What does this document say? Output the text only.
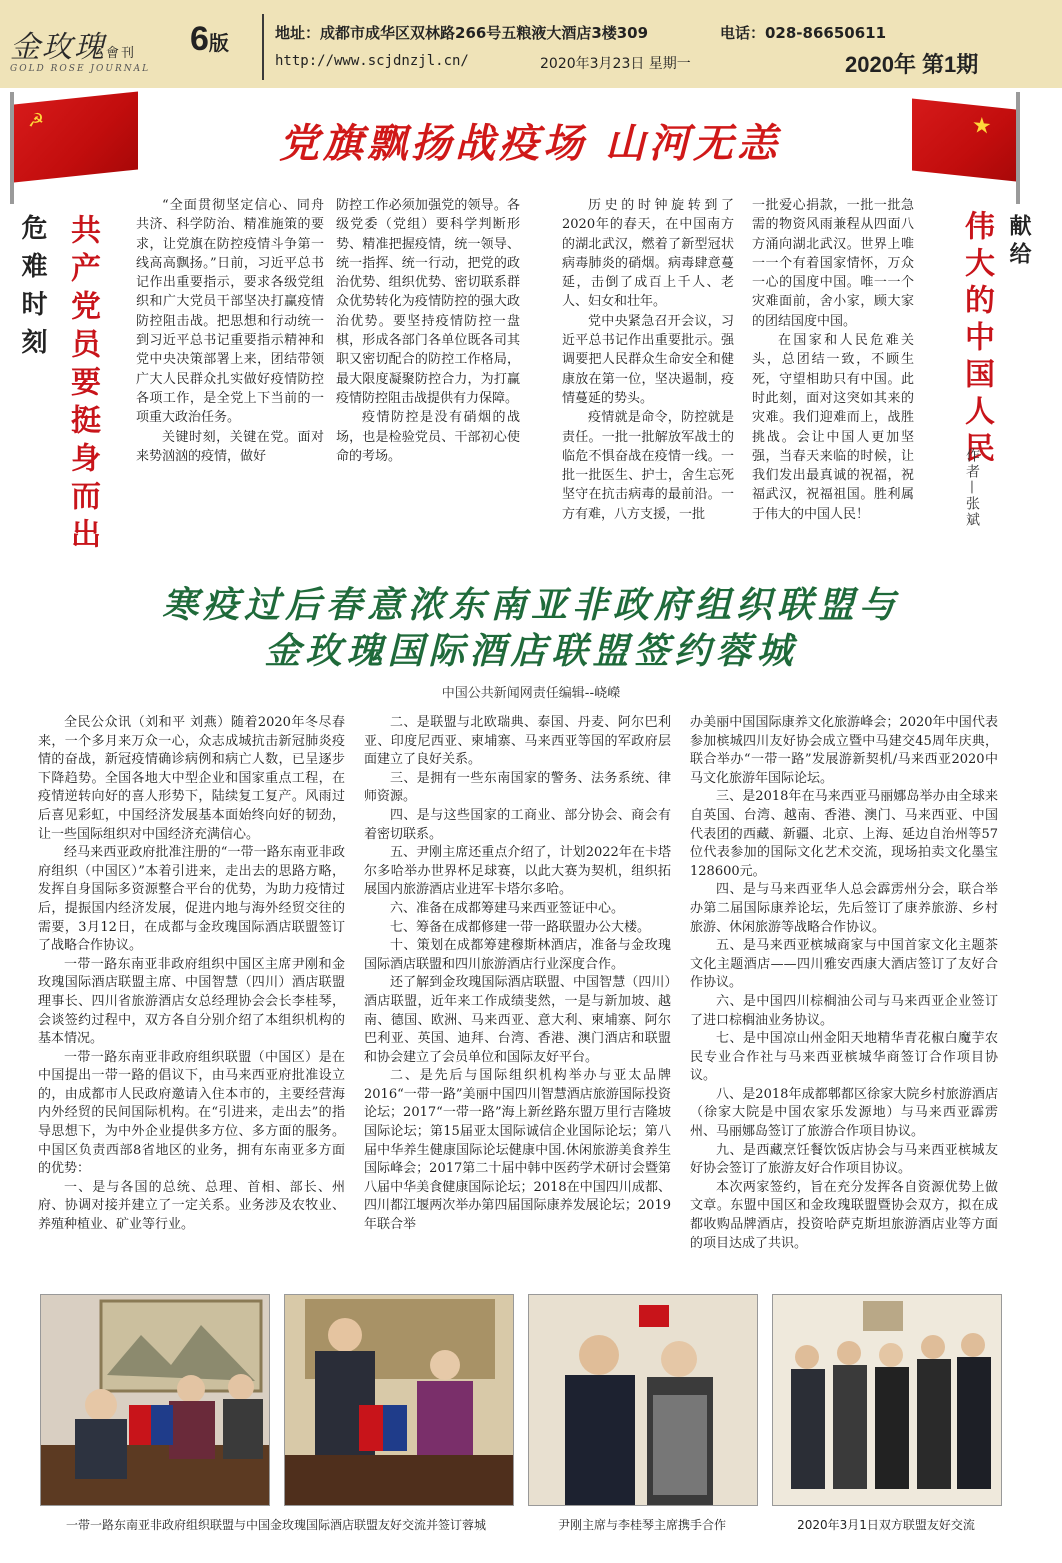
金玫瑰會刊
GOLD ROSE JOURNAL
6版	地址：成都市成华区双林路266号五粮液大酒店3楼309	电话：028-86650611
http://www.scjdnzjl.cn/	2020年3月23日 星期一	2020年 第1期
☭	★
党旗飘扬战疫场 山河无恙
危难时刻 共产党员要挺身而出	献给
伟大的中国人民
作者—张斌

“全面贯彻坚定信心、同舟共济、科学防治、精准施策的要求，让党旗在防控疫情斗争第一线高高飘扬。”日前，习近平总书记作出重要指示，要求各级党组织和广大党员干部坚决打赢疫情防控阻击战。把思想和行动统一到习近平总书记重要指示精神和党中央决策部署上来，团结带领广大人民群众扎实做好疫情防控各项工作，是全党上下当前的一项重大政治任务。

关键时刻，关键在党。面对来势汹汹的疫情，做好

防控工作必须加强党的领导。各级党委（党组）要科学判断形势、精准把握疫情，统一领导、统一指挥、统一行动，把党的政治优势、组织优势、密切联系群众优势转化为疫情防控的强大政治优势。要坚持疫情防控一盘棋，形成各部门各单位既各司其职又密切配合的防控工作格局，最大限度凝聚防控合力，为打赢疫情防控阻击战提供有力保障。

疫情防控是没有硝烟的战场，也是检验党员、干部初心使命的考场。

历史的时钟旋转到了2020年的春天，在中国南方的湖北武汉，燃着了新型冠状病毒肺炎的硝烟。病毒肆意蔓延，击倒了成百上千人、老人、妇女和壮年。

党中央紧急召开会议，习近平总书记作出重要批示。强调要把人民群众生命安全和健康放在第一位，坚决遏制，疫情蔓延的势头。

疫情就是命令，防控就是责任。一批一批解放军战士的临危不惧奋战在疫情一线。一批一批医生、护士，舍生忘死坚守在抗击病毒的最前沿。一方有难，八方支援，一批

一批爱心捐款，一批一批急需的物资风雨兼程从四面八方涌向湖北武汉。世界上唯一一个有着国家情怀，万众一心的国度中国。唯一一个灾难面前，舍小家，顾大家的团结国度中国。

在国家和人民危难关头，总团结一致，不顾生死，守望相助只有中国。此时此刻，面对这突如其来的灾难。我们迎难而上，战胜挑战。会让中国人更加坚强，当春天来临的时候，让我们发出最真诚的祝福，祝福武汉，祝福祖国。胜利属于伟大的中国人民！

寒疫过后春意浓东南亚非政府组织联盟与
金玫瑰国际酒店联盟签约蓉城
中国公共新闻网责任编辑--峣嶸

全民公众讯（刘和平 刘燕）随着2020年冬尽春来，一个多月来万众一心，众志成城抗击新冠肺炎疫情的奋战，新冠疫情确诊病例和病亡人数，已呈逐步下降趋势。全国各地大中型企业和国家重点工程，在疫情逆转向好的喜人形势下，陆续复工复产。风雨过后喜见彩虹，中国经济发展基本面始终向好的韧劲，让一些国际组织对中国经济充满信心。

经马来西亚政府批准注册的“一带一路东南亚非政府组织（中国区）”本着引进来，走出去的思路方略，发挥自身国际多资源整合平台的优势，为助力疫情过后，提振国内经济发展，促进内地与海外经贸交往的需要，3月12日，在成都与金玫瑰国际酒店联盟签订了战略合作协议。

一带一路东南亚非政府组织中国区主席尹刚和金玫瑰国际酒店联盟主席、中国智慧（四川）酒店联盟理事长、四川省旅游酒店女总经理协会会长李桂琴，会谈签约过程中，双方各自分别介绍了本组织机构的基本情况。

一带一路东南亚非政府组织联盟（中国区）是在中国提出一带一路的倡议下，由马来西亚府批准设立的，由成都市人民政府邀请入住本市的，主要经营海内外经贸的民间国际机构。在“引进来，走出去”的指导思想下，为中外企业提供多方位、多方面的服务。中国区负责西部8省地区的业务，拥有东南亚多方面的优势：

一、是与各国的总统、总理、首相、部长、州府、协调对接并建立了一定关系。业务涉及农牧业、养殖种植业、矿业等行业。

二、是联盟与北欧瑞典、泰国、丹麦、阿尔巴利亚、印度尼西亚、柬埔寨、马来西亚等国的军政府层面建立了良好关系。

三、是拥有一些东南国家的警务、法务系统、律师资源。

四、是与这些国家的工商业、部分协会、商会有着密切联系。

五、尹刚主席还重点介绍了，计划2022年在卡塔尔多哈举办世界杯足球赛，以此大赛为契机，组织拓展国内旅游酒店业进军卡塔尔多哈。

六、准备在成都筹建马来西亚签证中心。

七、筹备在成都修建一带一路联盟办公大楼。

十、策划在成都筹建穆斯林酒店，准备与金玫瑰国际酒店联盟和四川旅游酒店行业深度合作。

还了解到金玫瑰国际酒店联盟、中国智慧（四川）酒店联盟，近年来工作成绩斐然，一是与新加坡、越南、德国、欧洲、马来西亚、意大利、柬埔寨、阿尔巴利亚、英国、迪拜、台湾、香港、澳门酒店和联盟和协会建立了会员单位和国际友好平台。

二、是先后与国际组织机构举办与亚太品牌2016“一带一路”美丽中国四川智慧酒店旅游国际投资论坛；2017“一带一路”海上新丝路东盟万里行吉隆坡国际论坛；第15届亚太国际诚信企业国际论坛；第八届中华养生健康国际论坛健康中国.休闲旅游美食养生国际峰会；2017第二十届中韩中医药学术研讨会暨第八届中华美食健康国际论坛；2018在中国四川成都、四川都江堰两次举办第四届国际康养发展论坛；2019年联合举

办美丽中国国际康养文化旅游峰会；2020年中国代表参加槟城四川友好协会成立暨中马建交45周年庆典，联合举办“一带一路”发展游新契机/马来西亚2020中马文化旅游年国际论坛。

三、是2018年在马来西亚马丽娜岛举办由全球来自英国、台湾、越南、香港、澳门、马来西亚、中国代表团的西藏、新疆、北京、上海、延边自治州等57位代表参加的国际文化艺术交流，现场拍卖文化墨宝128600元。

四、是与马来西亚华人总会霹雳州分会，联合举办第二届国际康养论坛，先后签订了康养旅游、乡村旅游、休闲旅游等战略合作协议。

五、是马来西亚槟城商家与中国首家文化主题茶文化主题酒店——四川雅安西康大酒店签订了友好合作协议。

六、是中国四川棕榈油公司与马来西亚企业签订了进口棕榈油业务协议。

七、是中国凉山州金阳天地精华青花椒白魔芋农民专业合作社与马来西亚槟城华商签订合作项目协议。

八、是2018年成都郫都区徐家大院乡村旅游酒店（徐家大院是中国农家乐发源地）与马来西亚霹雳州、马丽娜岛签订了旅游合作项目协议。

九、是西藏烹饪餐饮饭店协会与马来西亚槟城友好协会签订了旅游友好合作项目协议。

本次两家签约，旨在充分发挥各自资源优势上做文章。东盟中国区和金玫瑰联盟暨协会双方，拟在成都收购品牌酒店，投资哈萨克斯坦旅游酒店业等方面的项目达成了共识。

一带一路东南亚非政府组织联盟与中国金玫瑰国际酒店联盟友好交流并签订蓉城	尹刚主席与李桂琴主席携手合作	2020年3月1日双方联盟友好交流
